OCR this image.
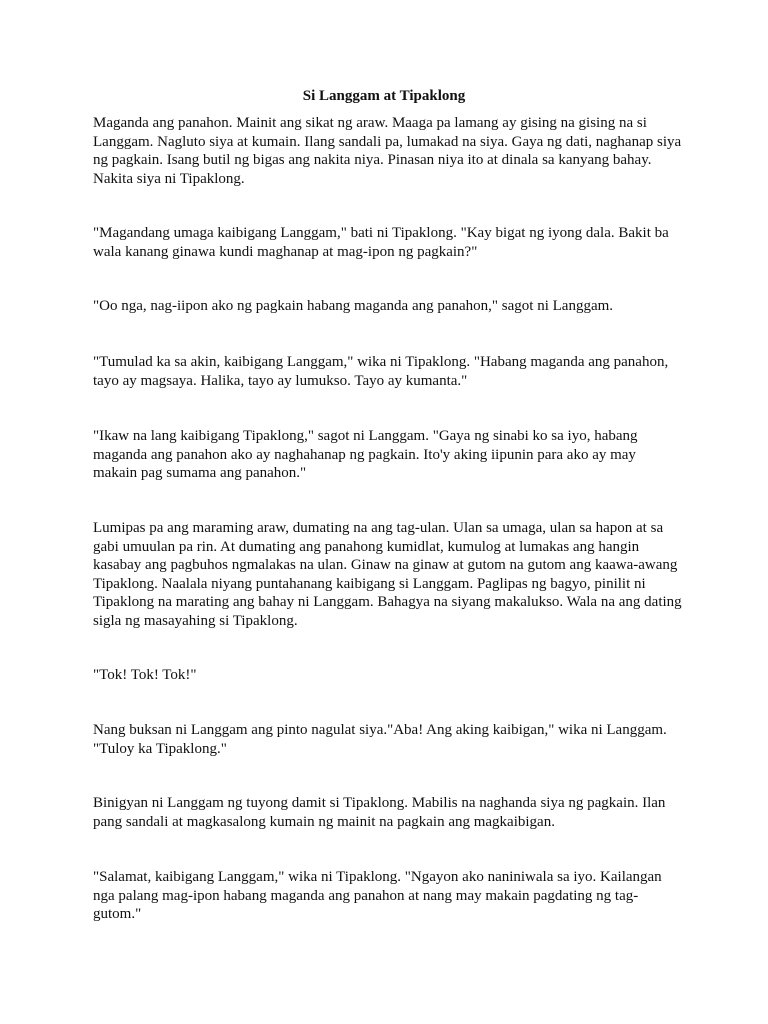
Si Langgam at Tipaklong

Maganda ang panahon. Mainit ang sikat ng araw. Maaga pa lamang ay gising na gising na si Langgam. Nagluto siya at kumain. Ilang sandali pa, lumakad na siya. Gaya ng dati, naghanap siya ng pagkain. Isang butil ng bigas ang nakita niya. Pinasan niya ito at dinala sa kanyang bahay. Nakita siya ni Tipaklong.

"Magandang umaga kaibigang Langgam," bati ni Tipaklong. "Kay bigat ng iyong dala. Bakit ba wala kanang ginawa kundi maghanap at mag-ipon ng pagkain?"

"Oo nga, nag-iipon ako ng pagkain habang maganda ang panahon," sagot ni Langgam.

"Tumulad ka sa akin, kaibigang Langgam," wika ni Tipaklong. "Habang maganda ang panahon, tayo ay magsaya. Halika, tayo ay lumukso. Tayo ay kumanta."

"Ikaw na lang kaibigang Tipaklong," sagot ni Langgam. "Gaya ng sinabi ko sa iyo, habang maganda ang panahon ako ay naghahanap ng pagkain. Ito'y aking iipunin para ako ay may makain pag sumama ang panahon."

Lumipas pa ang maraming araw, dumating na ang tag-ulan. Ulan sa umaga, ulan sa hapon at sa gabi umuulan pa rin. At dumating ang panahong kumidlat, kumulog at lumakas ang hangin kasabay ang pagbuhos ngmalakas na ulan. Ginaw na ginaw at gutom na gutom ang kaawa-awang Tipaklong. Naalala niyang puntahanang kaibigang si Langgam. Paglipas ng bagyo, pinilit ni Tipaklong na marating ang bahay ni Langgam. Bahagya na siyang makalukso. Wala na ang dating sigla ng masayahing si Tipaklong.

"Tok! Tok! Tok!"

Nang buksan ni Langgam ang pinto nagulat siya."Aba! Ang aking kaibigan," wika ni Langgam. "Tuloy ka Tipaklong."

Binigyan ni Langgam ng tuyong damit si Tipaklong. Mabilis na naghanda siya ng pagkain. Ilan pang sandali at magkasalong kumain ng mainit na pagkain ang magkaibigan.

"Salamat, kaibigang Langgam," wika ni Tipaklong. "Ngayon ako naniniwala sa iyo. Kailangan nga palang mag-ipon habang maganda ang panahon at nang may makain pagdating ng tag-gutom."
